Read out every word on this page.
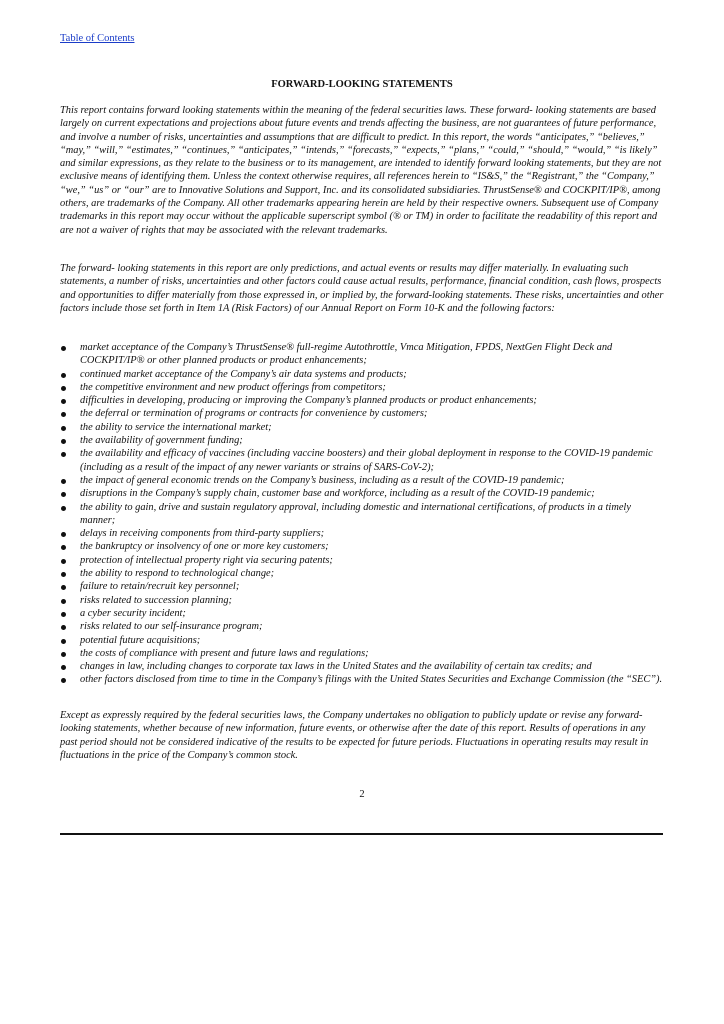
Table of Contents
FORWARD-LOOKING STATEMENTS

This report contains forward looking statements within the meaning of the federal securities laws. These forward- looking statements are based largely on current expectations and projections about future events and trends affecting the business, are not guarantees of future performance, and involve a number of risks, uncertainties and assumptions that are difficult to predict. In this report, the words “anticipates,” “believes,” “may,” “will,” “estimates,” “continues,” “anticipates,” “intends,” “forecasts,” “expects,” “plans,” “could,” “should,” “would,” “is likely” and similar expressions, as they relate to the business or to its management, are intended to identify forward looking statements, but they are not exclusive means of identifying them. Unless the context otherwise requires, all references herein to “IS&S,” the “Registrant,” the “Company,” “we,” “us” or “our” are to Innovative Solutions and Support, Inc. and its consolidated subsidiaries. ThrustSense® and COCKPIT/IP®, among others, are trademarks of the Company. All other trademarks appearing herein are held by their respective owners. Subsequent use of Company trademarks in this report may occur without the applicable superscript symbol (® or TM) in order to facilitate the readability of this report and are not a waiver of rights that may be associated with the relevant trademarks.

The forward- looking statements in this report are only predictions, and actual events or results may differ materially. In evaluating such statements, a number of risks, uncertainties and other factors could cause actual results, performance, financial condition, cash flows, prospects and opportunities to differ materially from those expressed in, or implied by, the forward-looking statements. These risks, uncertainties and other factors include those set forth in Item 1A (Risk Factors) of our Annual Report on Form 10-K and the following factors:

market acceptance of the Company’s ThrustSense® full-regime Autothrottle, Vmca Mitigation, FPDS, NextGen Flight Deck and COCKPIT/IP® or other planned products or product enhancements;
continued market acceptance of the Company’s air data systems and products;
the competitive environment and new product offerings from competitors;
difficulties in developing, producing or improving the Company’s planned products or product enhancements;
the deferral or termination of programs or contracts for convenience by customers;
the ability to service the international market;
the availability of government funding;
the availability and efficacy of vaccines (including vaccine boosters) and their global deployment in response to the COVID-19 pandemic (including as a result of the impact of any newer variants or strains of SARS-CoV-2);
the impact of general economic trends on the Company’s business, including as a result of the COVID-19 pandemic;
disruptions in the Company’s supply chain, customer base and workforce, including as a result of the COVID-19 pandemic;
the ability to gain, drive and sustain regulatory approval, including domestic and international certifications, of products in a timely manner;
delays in receiving components from third-party suppliers;
the bankruptcy or insolvency of one or more key customers;
protection of intellectual property right via securing patents;
the ability to respond to technological change;
failure to retain/recruit key personnel;
risks related to succession planning;
a cyber security incident;
risks related to our self-insurance program;
potential future acquisitions;
the costs of compliance with present and future laws and regulations;
changes in law, including changes to corporate tax laws in the United States and the availability of certain tax credits; and
other factors disclosed from time to time in the Company’s filings with the United States Securities and Exchange Commission (the “SEC”).

Except as expressly required by the federal securities laws, the Company undertakes no obligation to publicly update or revise any forward-looking statements, whether because of new information, future events, or otherwise after the date of this report. Results of operations in any past period should not be considered indicative of the results to be expected for future periods. Fluctuations in operating results may result in fluctuations in the price of the Company’s common stock.

2
